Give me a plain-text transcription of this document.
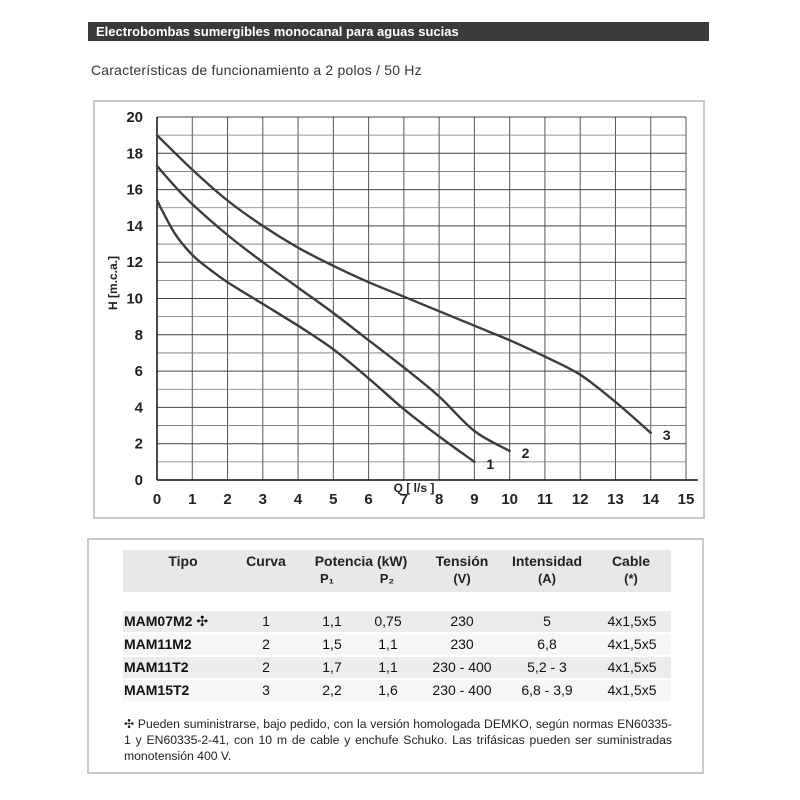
Electrobombas sumergibles monocanal para aguas sucias
Características de funcionamiento a 2 polos / 50 Hz
0 1 2 3 4 5 6 7 8 9 10 11 12 13 14 15
0
2
4
6
8
10
12
14
16
18
20
Q [ l/s ]
H [m.c.a.]
1
2
3
Tipo	Curva	Potencia (kW)
P₁	P₂
Tensión
(V)
Intensidad
(A)
Cable
(*)
MAM07M2 ✣	1	1,1	0,75	230	5	4x1,5x5
MAM11M2	2	1,5	1,1	230	6,8	4x1,5x5
MAM11T2	2	1,7	1,1	230 - 400	5,2 - 3	4x1,5x5
MAM15T2	3	2,2	1,6	230 - 400	6,8 - 3,9	4x1,5x5
✣ Pueden suministrarse, bajo pedido, con la versión homologada DEMKO, según normas EN60335-1 y EN60335-2-41, con 10 m de cable y enchufe Schuko. Las trifásicas pueden ser suministradas monotensión 400 V.
